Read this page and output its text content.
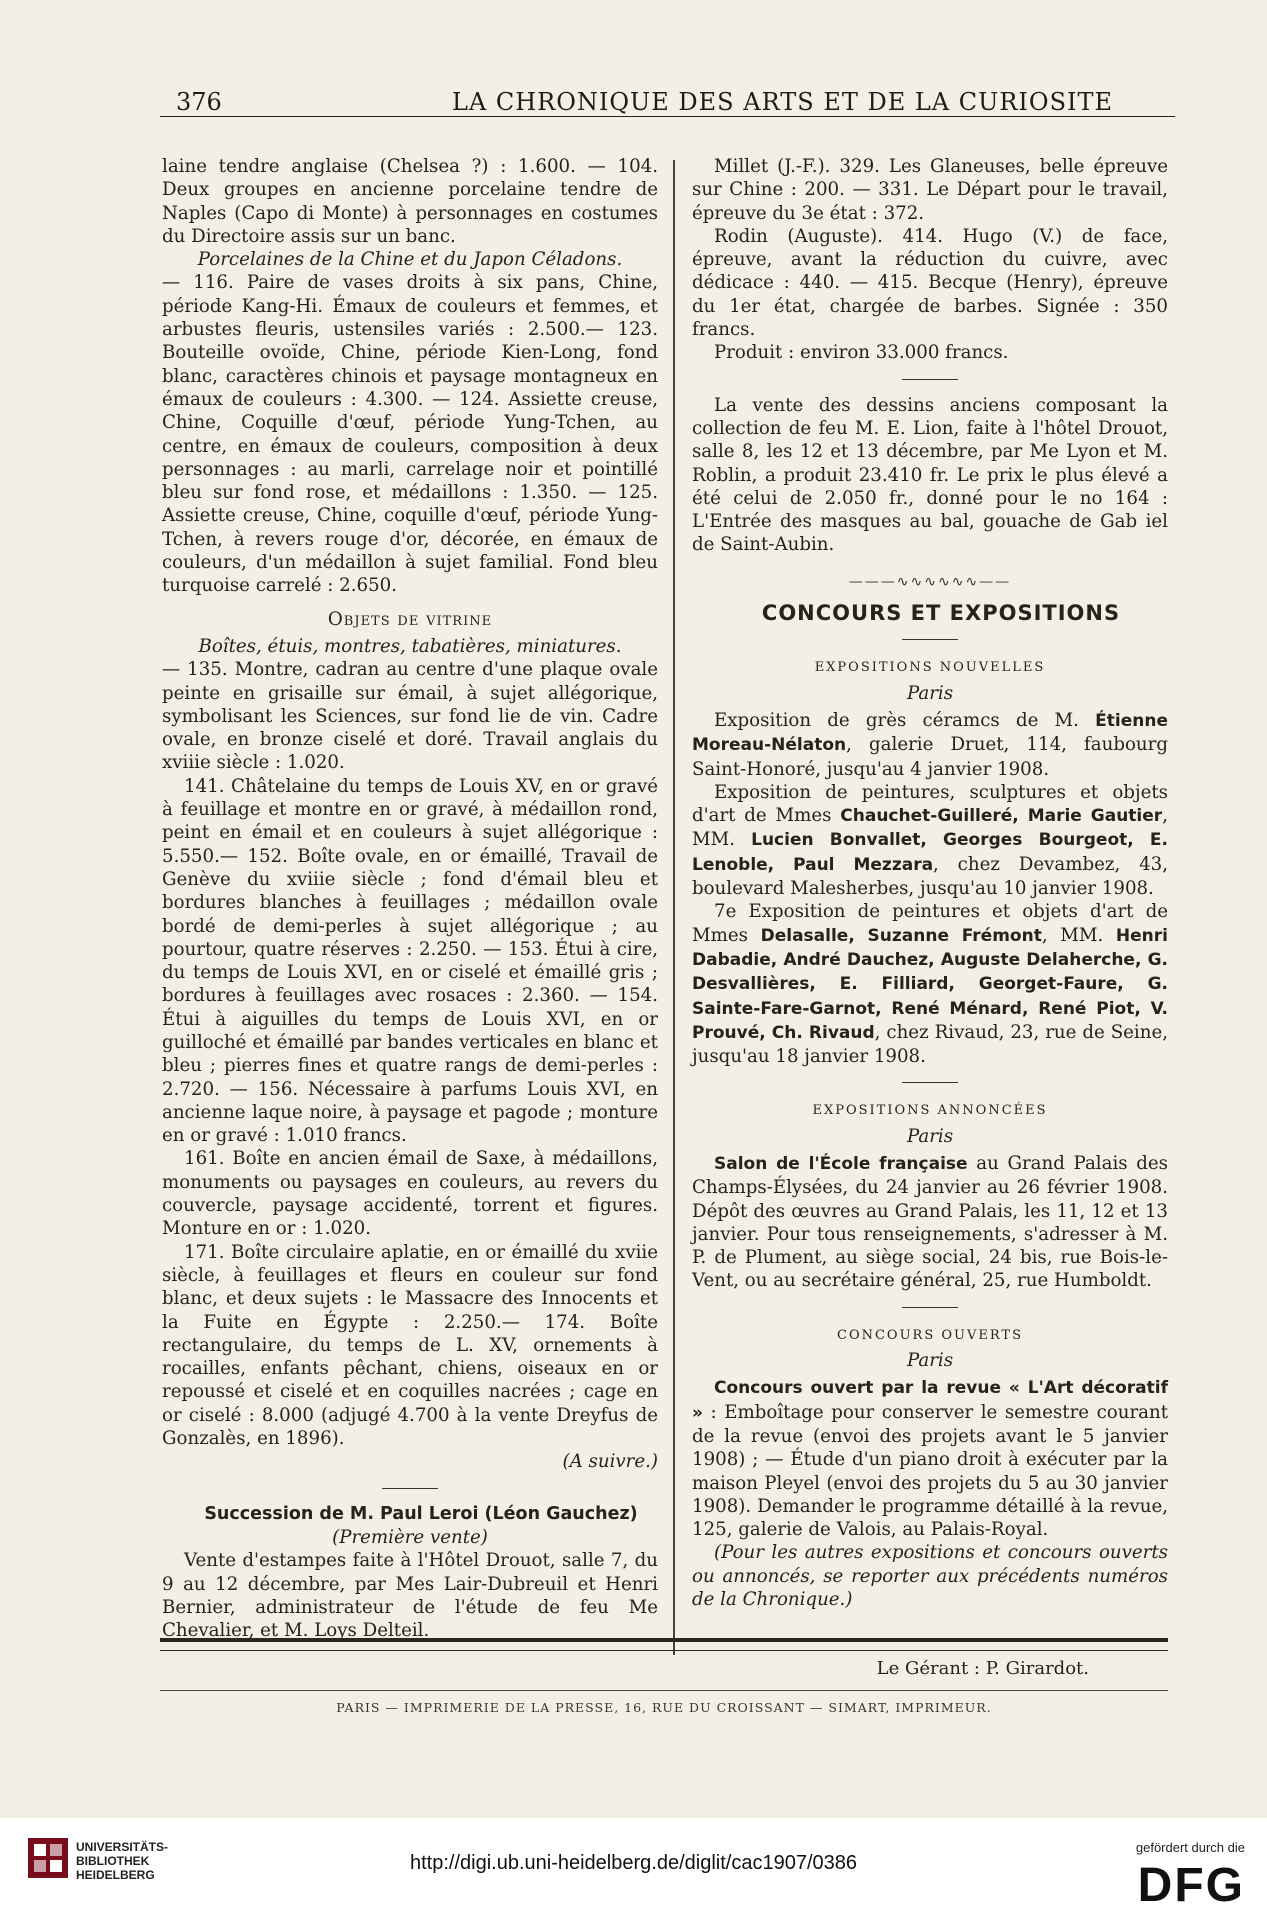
376	LA CHRONIQUE DES ARTS ET DE LA CURIOSITE

laine tendre anglaise (Chelsea ?) : 1.600. — 104. Deux groupes en ancienne porcelaine tendre de Naples (Capo di Monte) à personnages en costumes du Directoire assis sur un banc.

Porcelaines de la Chine et du Japon Céladons.

— 116. Paire de vases droits à six pans, Chine, période Kang-Hi. Émaux de couleurs et femmes, et arbustes fleuris, ustensiles variés : 2.500.— 123. Bouteille ovoïde, Chine, période Kien-Long, fond blanc, caractères chinois et paysage montagneux en émaux de couleurs : 4.300. — 124. Assiette creuse, Chine, Coquille d'œuf, période Yung-Tchen, au centre, en émaux de couleurs, composition à deux personnages : au marli, carrelage noir et pointillé bleu sur fond rose, et médaillons : 1.350. — 125. Assiette creuse, Chine, coquille d'œuf, période Yung-Tchen, à revers rouge d'or, décorée, en émaux de couleurs, d'un médaillon à sujet familial. Fond bleu turquoise carrelé : 2.650.

Objets de vitrine

Boîtes, étuis, montres, tabatières, miniatures.

— 135. Montre, cadran au centre d'une plaque ovale peinte en grisaille sur émail, à sujet allégorique, symbolisant les Sciences, sur fond lie de vin. Cadre ovale, en bronze ciselé et doré. Travail anglais du xviiie siècle : 1.020.

141. Châtelaine du temps de Louis XV, en or gravé à feuillage et montre en or gravé, à médaillon rond, peint en émail et en couleurs à sujet allégorique : 5.550.— 152. Boîte ovale, en or émaillé, Travail de Genève du xviiie siècle ; fond d'émail bleu et bordures blanches à feuillages ; médaillon ovale bordé de demi-perles à sujet allégorique ; au pourtour, quatre réserves : 2.250. — 153. Étui à cire, du temps de Louis XVI, en or ciselé et émaillé gris ; bordures à feuillages avec rosaces : 2.360. — 154. Étui à aiguilles du temps de Louis XVI, en or guilloché et émaillé par bandes verticales en blanc et bleu ; pierres fines et quatre rangs de demi-perles : 2.720. — 156. Nécessaire à parfums Louis XVI, en ancienne laque noire, à paysage et pagode ; monture en or gravé : 1.010 francs.

161. Boîte en ancien émail de Saxe, à médaillons, monuments ou paysages en couleurs, au revers du couvercle, paysage accidenté, torrent et figures. Monture en or : 1.020.

171. Boîte circulaire aplatie, en or émaillé du xviie siècle, à feuillages et fleurs en couleur sur fond blanc, et deux sujets : le Massacre des Innocents et la Fuite en Égypte : 2.250.— 174. Boîte rectangulaire, du temps de L. XV, ornements à rocailles, enfants pêchant, chiens, oiseaux en or repoussé et ciselé et en coquilles nacrées ; cage en or ciselé : 8.000 (adjugé 4.700 à la vente Dreyfus de Gonzalès, en 1896).

(A suivre.)

Succession de M. Paul Leroi (Léon Gauchez)

(Première vente)

Vente d'estampes faite à l'Hôtel Drouot, salle 7, du 9 au 12 décembre, par Mes Lair-Dubreuil et Henri Bernier, administrateur de l'étude de feu Me Chevalier, et M. Loys Delteil.

Millet (J.-F.). 329. Les Glaneuses, belle épreuve sur Chine : 200. — 331. Le Départ pour le travail, épreuve du 3e état : 372.

Rodin (Auguste). 414. Hugo (V.) de face, épreuve, avant la réduction du cuivre, avec dédicace : 440. — 415. Becque (Henry), épreuve du 1er état, chargée de barbes. Signée : 350 francs.

Produit : environ 33.000 francs.

La vente des dessins anciens composant la collection de feu M. E. Lion, faite à l'hôtel Drouot, salle 8, les 12 et 13 décembre, par Me Lyon et M. Roblin, a produit 23.410 fr. Le prix le plus élevé a été celui de 2.050 fr., donné pour le no 164 : L'Entrée des masques au bal, gouache de Gab iel de Saint-Aubin.

———∿∿∿∿∿∿——

CONCOURS ET EXPOSITIONS

EXPOSITIONS NOUVELLES

Paris

Exposition de grès céramcs de M. Étienne Moreau-Nélaton, galerie Druet, 114, faubourg Saint-Honoré, jusqu'au 4 janvier 1908.

Exposition de peintures, sculptures et objets d'art de Mmes Chauchet-Guilleré, Marie Gautier, MM. Lucien Bonvallet, Georges Bourgeot, E. Lenoble, Paul Mezzara, chez Devambez, 43, boulevard Malesherbes, jusqu'au 10 janvier 1908.

7e Exposition de peintures et objets d'art de Mmes Delasalle, Suzanne Frémont, MM. Henri Dabadie, André Dauchez, Auguste Delaherche, G. Desvallières, E. Filliard, Georget-Faure, G. Sainte-Fare-Garnot, René Ménard, René Piot, V. Prouvé, Ch. Rivaud, chez Rivaud, 23, rue de Seine, jusqu'au 18 janvier 1908.

EXPOSITIONS ANNONCÉES

Paris

Salon de l'École française au Grand Palais des Champs-Élysées, du 24 janvier au 26 février 1908. Dépôt des œuvres au Grand Palais, les 11, 12 et 13 janvier. Pour tous renseignements, s'adresser à M. P. de Plument, au siège social, 24 bis, rue Bois-le-Vent, ou au secrétaire général, 25, rue Humboldt.

CONCOURS OUVERTS

Paris

Concours ouvert par la revue « L'Art décoratif » : Emboîtage pour conserver le semestre courant de la revue (envoi des projets avant le 5 janvier 1908) ; — Étude d'un piano droit à exécuter par la maison Pleyel (envoi des projets du 5 au 30 janvier 1908). Demander le programme détaillé à la revue, 125, galerie de Valois, au Palais-Royal.

(Pour les autres expositions et concours ouverts ou annoncés, se reporter aux précédents numéros de la Chronique.)

Le Gérant : P. Girardot.
PARIS — IMPRIMERIE DE LA PRESSE, 16, RUE DU CROISSANT — SIMART, IMPRIMEUR.
UNIVERSITÄTS-
BIBLIOTHEK
HEIDELBERG
http://digi.ub.uni-heidelberg.de/diglit/cac1907/0386
gefördert durch die
DFG
